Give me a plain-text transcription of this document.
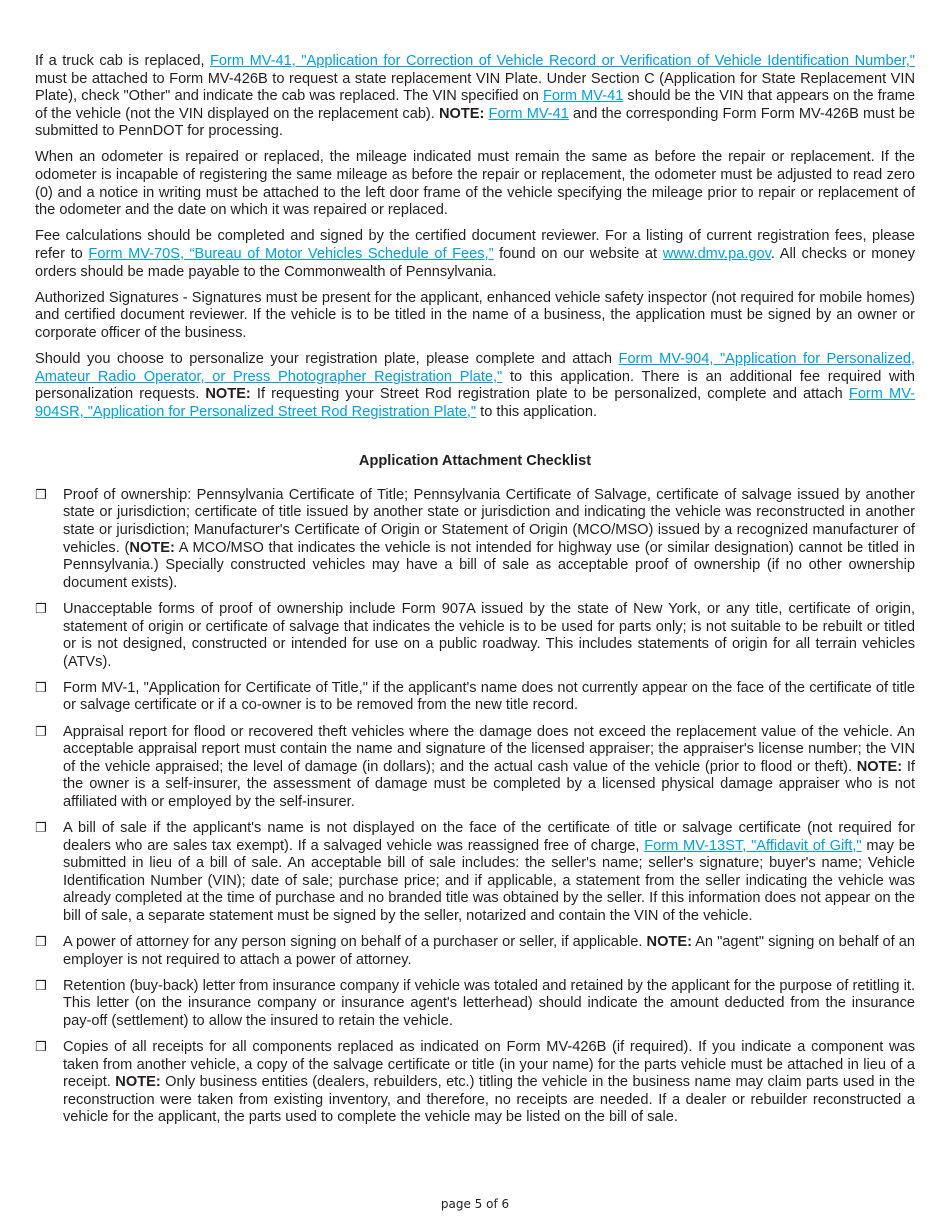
If a truck cab is replaced, Form MV-41, "Application for Correction of Vehicle Record or Verification of Vehicle Identification Number," must be attached to Form MV-426B to request a state replacement VIN Plate. Under Section C (Application for State Replacement VIN Plate), check "Other" and indicate the cab was replaced. The VIN specified on Form MV-41 should be the VIN that appears on the frame of the vehicle (not the VIN displayed on the replacement cab). NOTE: Form MV-41 and the corresponding Form Form MV-426B must be submitted to PennDOT for processing.

When an odometer is repaired or replaced, the mileage indicated must remain the same as before the repair or replacement. If the odometer is incapable of registering the same mileage as before the repair or replacement, the odometer must be adjusted to read zero (0) and a notice in writing must be attached to the left door frame of the vehicle specifying the mileage prior to repair or replacement of the odometer and the date on which it was repaired or replaced.

Fee calculations should be completed and signed by the certified document reviewer. For a listing of current registration fees, please refer to Form MV-70S, “Bureau of Motor Vehicles Schedule of Fees,” found on our website at www.dmv.pa.gov. All checks or money orders should be made payable to the Commonwealth of Pennsylvania.

Authorized Signatures - Signatures must be present for the applicant, enhanced vehicle safety inspector (not required for mobile homes) and certified document reviewer. If the vehicle is to be titled in the name of a business, the application must be signed by an owner or corporate officer of the business.

Should you choose to personalize your registration plate, please complete and attach Form MV-904, "Application for Personalized, Amateur Radio Operator, or Press Photographer Registration Plate," to this application. There is an additional fee required with personalization requests. NOTE: If requesting your Street Rod registration plate to be personalized, complete and attach Form MV-904SR, "Application for Personalized Street Rod Registration Plate," to this application.

Application Attachment Checklist
❒ Proof of ownership: Pennsylvania Certificate of Title; Pennsylvania Certificate of Salvage, certificate of salvage issued by another state or jurisdiction; certificate of title issued by another state or jurisdiction and indicating the vehicle was reconstructed in another state or jurisdiction; Manufacturer's Certificate of Origin or Statement of Origin (MCO/MSO) issued by a recognized manufacturer of vehicles. (NOTE: A MCO/MSO that indicates the vehicle is not intended for highway use (or similar designation) cannot be titled in Pennsylvania.) Specially constructed vehicles may have a bill of sale as acceptable proof of ownership (if no other ownership document exists).
❒ Unacceptable forms of proof of ownership include Form 907A issued by the state of New York, or any title, certificate of origin, statement of origin or certificate of salvage that indicates the vehicle is to be used for parts only; is not suitable to be rebuilt or titled or is not designed, constructed or intended for use on a public roadway. This includes statements of origin for all terrain vehicles (ATVs).
❒ Form MV-1, "Application for Certificate of Title," if the applicant's name does not currently appear on the face of the certificate of title or salvage certificate or if a co-owner is to be removed from the new title record.
❒ Appraisal report for flood or recovered theft vehicles where the damage does not exceed the replacement value of the vehicle. An acceptable appraisal report must contain the name and signature of the licensed appraiser; the appraiser's license number; the VIN of the vehicle appraised; the level of damage (in dollars); and the actual cash value of the vehicle (prior to flood or theft). NOTE: If the owner is a self-insurer, the assessment of damage must be completed by a licensed physical damage appraiser who is not affiliated with or employed by the self-insurer.
❒ A bill of sale if the applicant's name is not displayed on the face of the certificate of title or salvage certificate (not required for dealers who are sales tax exempt). If a salvaged vehicle was reassigned free of charge, Form MV-13ST, "Affidavit of Gift," may be submitted in lieu of a bill of sale. An acceptable bill of sale includes: the seller's name; seller's signature; buyer's name; Vehicle Identification Number (VIN); date of sale; purchase price; and if applicable, a statement from the seller indicating the vehicle was already completed at the time of purchase and no branded title was obtained by the seller. If this information does not appear on the bill of sale, a separate statement must be signed by the seller, notarized and contain the VIN of the vehicle.
❒ A power of attorney for any person signing on behalf of a purchaser or seller, if applicable. NOTE: An "agent" signing on behalf of an employer is not required to attach a power of attorney.
❒ Retention (buy-back) letter from insurance company if vehicle was totaled and retained by the applicant for the purpose of retitling it. This letter (on the insurance company or insurance agent's letterhead) should indicate the amount deducted from the insurance pay-off (settlement) to allow the insured to retain the vehicle.
❒ Copies of all receipts for all components replaced as indicated on Form MV-426B (if required). If you indicate a component was taken from another vehicle, a copy of the salvage certificate or title (in your name) for the parts vehicle must be attached in lieu of a receipt. NOTE: Only business entities (dealers, rebuilders, etc.) titling the vehicle in the business name may claim parts used in the reconstruction were taken from existing inventory, and therefore, no receipts are needed. If a dealer or rebuilder reconstructed a vehicle for the applicant, the parts used to complete the vehicle may be listed on the bill of sale.
page 5 of 6
